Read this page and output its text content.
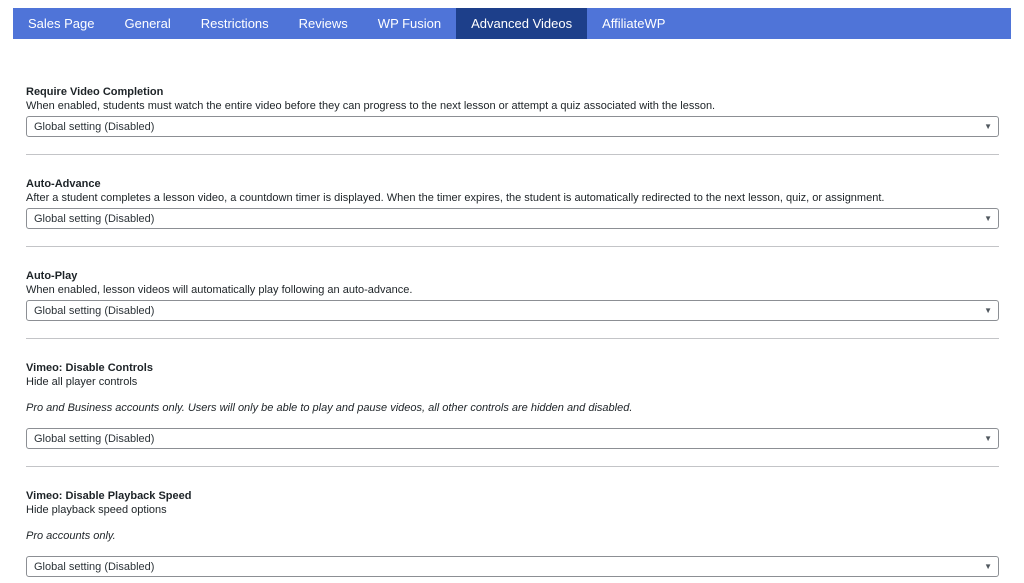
Sales Page	General	Restrictions	Reviews	WP Fusion	Advanced Videos	AffiliateWP
Require Video Completion
When enabled, students must watch the entire video before they can progress to the next lesson or attempt a quiz associated with the lesson.
Global setting (Disabled)	▼
Auto-Advance
After a student completes a lesson video, a countdown timer is displayed. When the timer expires, the student is automatically redirected to the next lesson, quiz, or assignment.
Global setting (Disabled)	▼
Auto-Play
When enabled, lesson videos will automatically play following an auto-advance.
Global setting (Disabled)	▼
Vimeo: Disable Controls
Hide all player controls
Pro and Business accounts only. Users will only be able to play and pause videos, all other controls are hidden and disabled.
Global setting (Disabled)	▼
Vimeo: Disable Playback Speed
Hide playback speed options
Pro accounts only.
Global setting (Disabled)	▼
